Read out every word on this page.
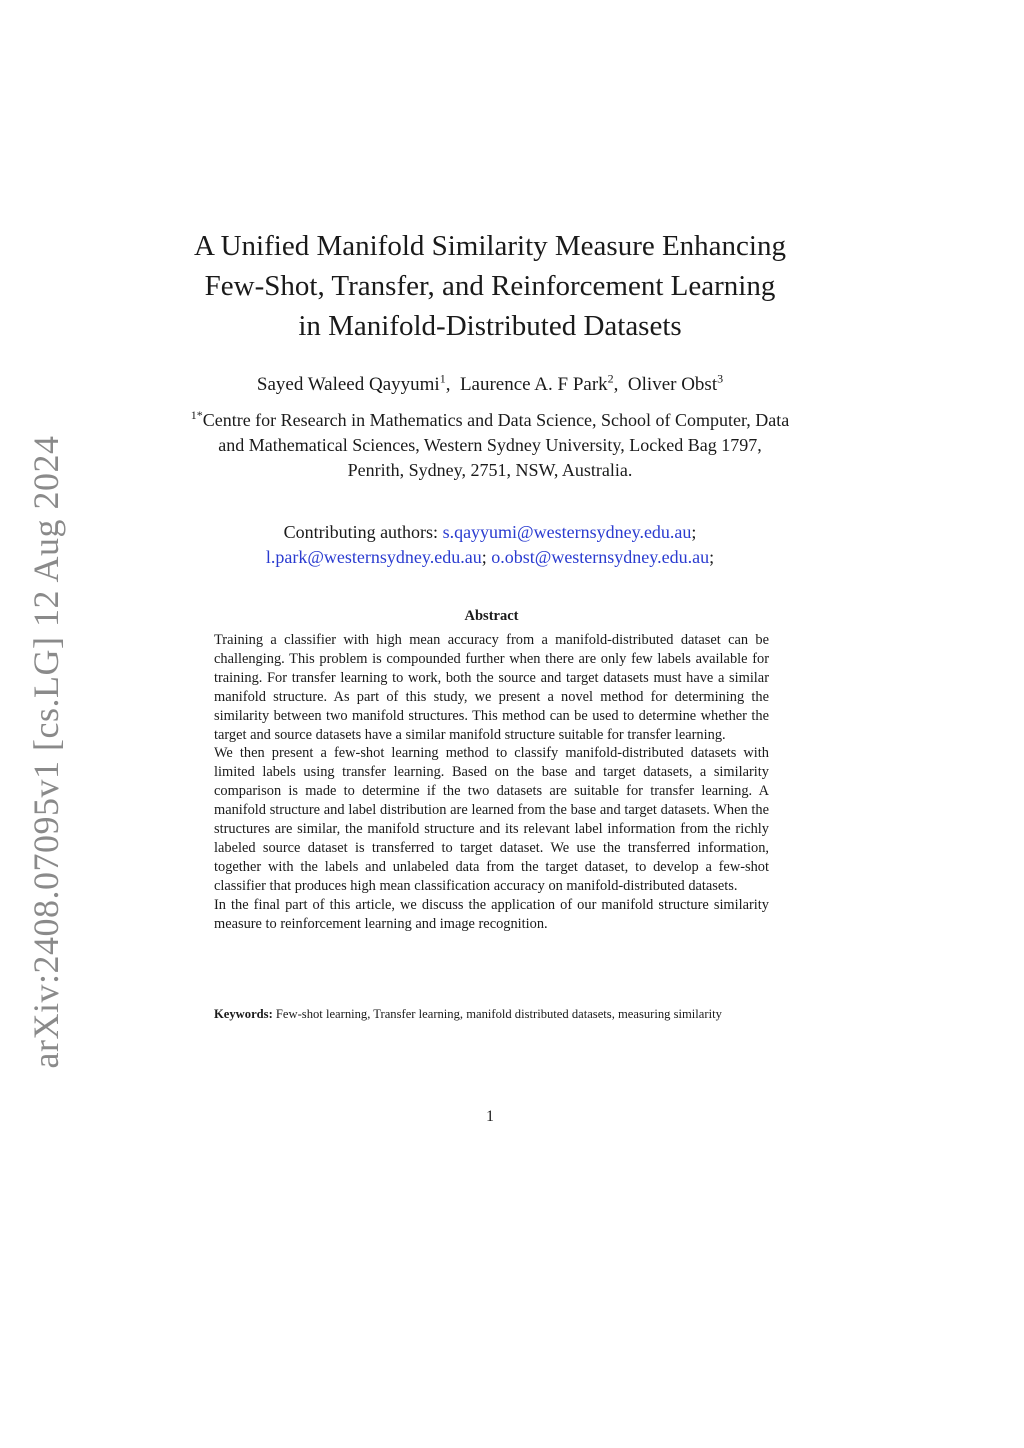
arXiv:2408.07095v1 [cs.LG] 12 Aug 2024
A Unified Manifold Similarity Measure Enhancing
Few-Shot, Transfer, and Reinforcement Learning
in Manifold-Distributed Datasets
Sayed Waleed Qayyumi$^1$,  Laurence A. F Park$^2$,  Oliver Obst$^3$
$^{1*}$Centre for Research in Mathematics and Data Science, School of Computer, Data and Mathematical Sciences, Western Sydney University, Locked Bag 1797, Penrith, Sydney, 2751, NSW, Australia.
Contributing authors: s.qayyumi@westernsydney.edu.au;
l.park@westernsydney.edu.au; o.obst@westernsydney.edu.au;
Abstract

Training a classifier with high mean accuracy from a manifold-distributed dataset can be challenging. This problem is compounded further when there are only few labels available for training. For transfer learning to work, both the source and target datasets must have a similar manifold structure. As part of this study, we present a novel method for determining the similarity between two manifold structures. This method can be used to determine whether the target and source datasets have a similar manifold structure suitable for transfer learning.

We then present a few-shot learning method to classify manifold-distributed datasets with limited labels using transfer learning. Based on the base and target datasets, a similarity comparison is made to determine if the two datasets are suitable for transfer learning. A manifold structure and label distribution are learned from the base and target datasets. When the structures are similar, the manifold structure and its relevant label information from the richly labeled source dataset is transferred to target dataset. We use the transferred information, together with the labels and unlabeled data from the target dataset, to develop a few-shot classifier that produces high mean classification accuracy on manifold-distributed datasets.

In the final part of this article, we discuss the application of our manifold structure similarity measure to reinforcement learning and image recognition.

Keywords: Few-shot learning, Transfer learning, manifold distributed datasets, measuring similarity
1
